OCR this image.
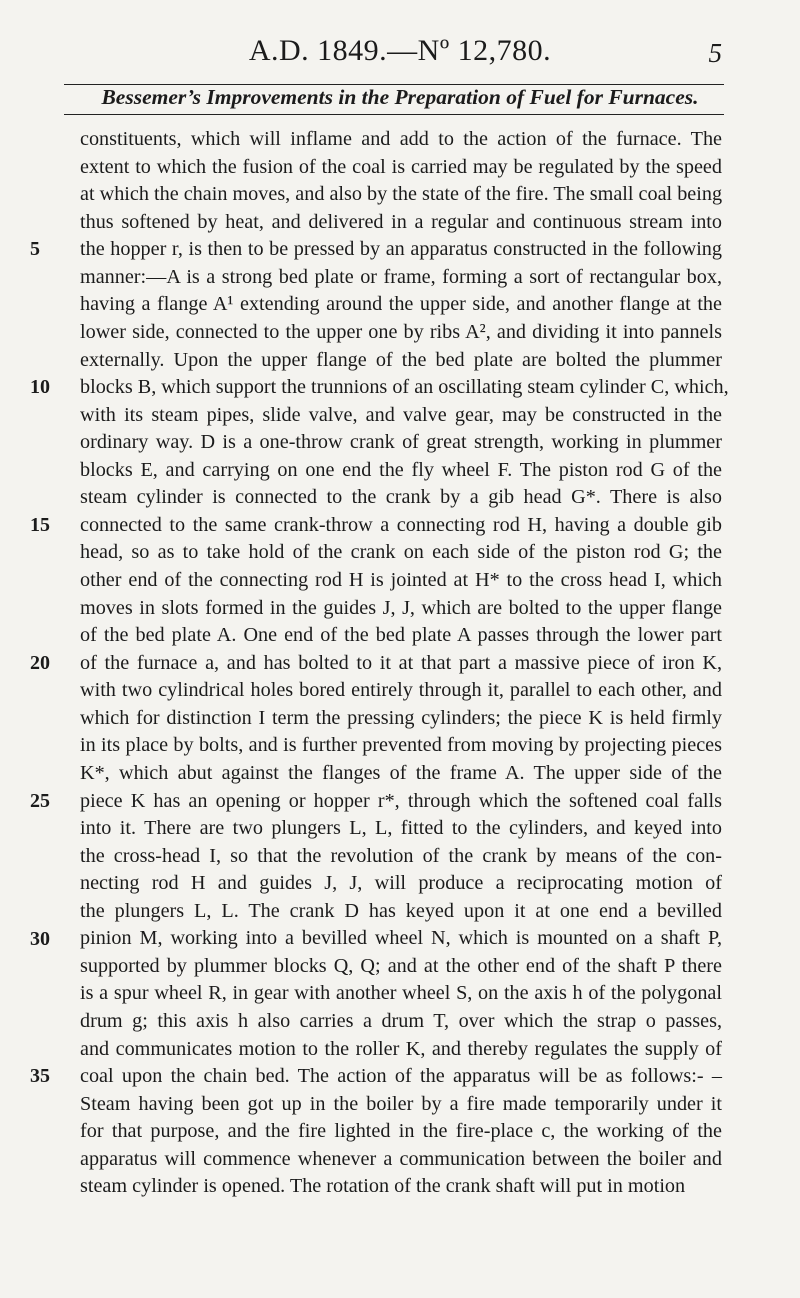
A.D. 1849.—Nº 12,780.	5
Bessemer’s Improvements in the Preparation of Fuel for Furnaces.
constituents, which will inflame and add to the action of the furnace. The
extent to which the fusion of the coal is carried may be regulated by the speed
at which the chain moves, and also by the state of the fire. The small coal being
thus softened by heat, and delivered in a regular and continuous stream into
the hopper r, is then to be pressed by an apparatus constructed in the following
manner:—A is a strong bed plate or frame, forming a sort of rectangular box,
having a flange A¹ extending around the upper side, and another flange at the
lower side, connected to the upper one by ribs A², and dividing it into pannels
externally. Upon the upper flange of the bed plate are bolted the plummer
blocks B, which support the trunnions of an oscillating steam cylinder C, which,
with its steam pipes, slide valve, and valve gear, may be constructed in the
ordinary way. D is a one-throw crank of great strength, working in plummer
blocks E, and carrying on one end the fly wheel F. The piston rod G of the
steam cylinder is connected to the crank by a gib head G*. There is also
connected to the same crank-throw a connecting rod H, having a double gib
head, so as to take hold of the crank on each side of the piston rod G; the
other end of the connecting rod H is jointed at H* to the cross head I, which
moves in slots formed in the guides J, J, which are bolted to the upper flange
of the bed plate A. One end of the bed plate A passes through the lower part
of the furnace a, and has bolted to it at that part a massive piece of iron K,
with two cylindrical holes bored entirely through it, parallel to each other, and
which for distinction I term the pressing cylinders; the piece K is held firmly
in its place by bolts, and is further prevented from moving by projecting pieces
K*, which abut against the flanges of the frame A. The upper side of the
piece K has an opening or hopper r*, through which the softened coal falls
into it. There are two plungers L, L, fitted to the cylinders, and keyed into
the cross-head I, so that the revolution of the crank by means of the con-
necting rod H and guides J, J, will produce a reciprocating motion of
the plungers L, L. The crank D has keyed upon it at one end a bevilled
pinion M, working into a bevilled wheel N, which is mounted on a shaft P,
supported by plummer blocks Q, Q; and at the other end of the shaft P there
is a spur wheel R, in gear with another wheel S, on the axis h of the polygonal
drum g; this axis h also carries a drum T, over which the strap o passes,
and communicates motion to the roller K, and thereby regulates the supply of
coal upon the chain bed. The action of the apparatus will be as follows:- –
Steam having been got up in the boiler by a fire made temporarily under it
for that purpose, and the fire lighted in the fire-place c, the working of the
apparatus will commence whenever a communication between the boiler and
steam cylinder is opened. The rotation of the crank shaft will put in motion
5
10
15
20
25
30
35
